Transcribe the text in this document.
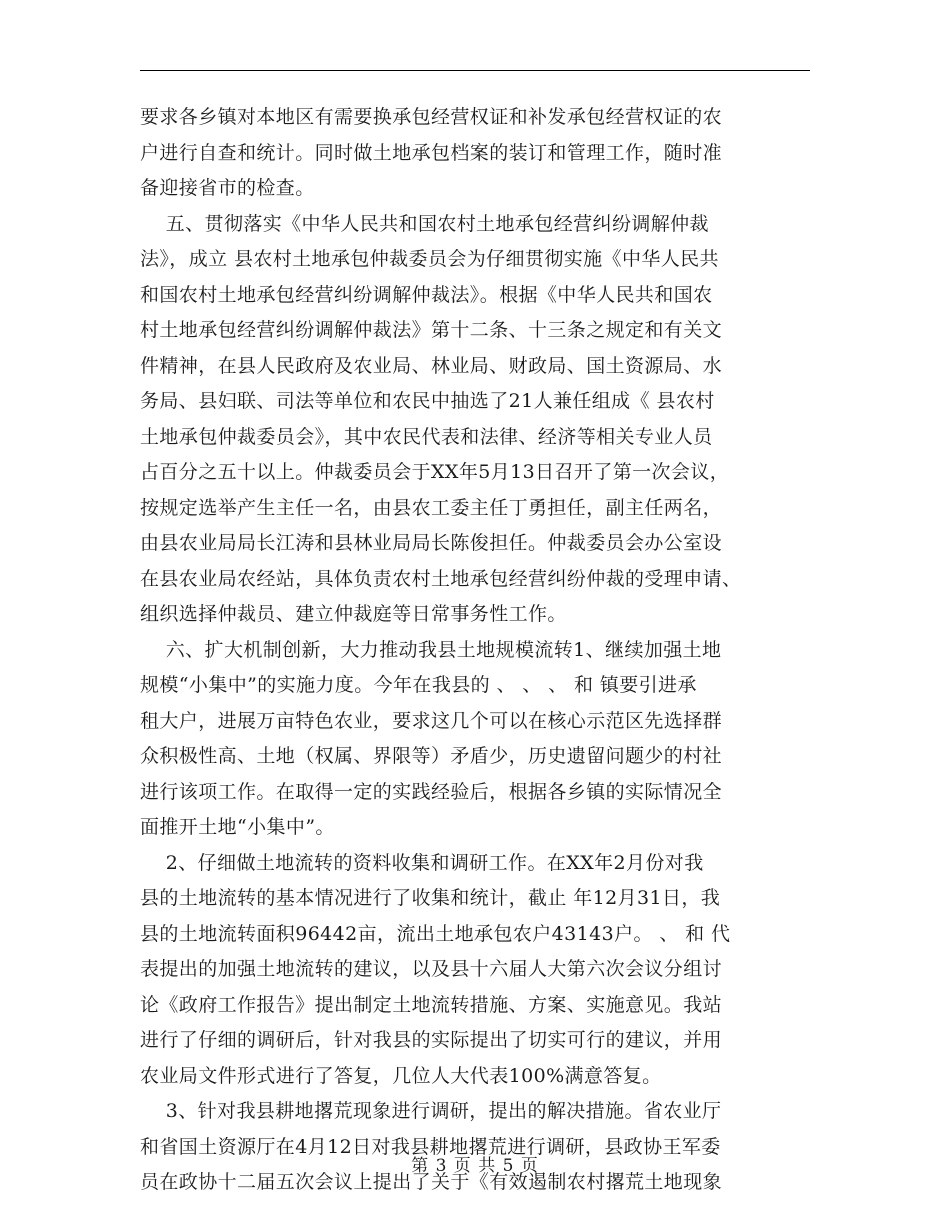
要求各乡镇对本地区有需要换承包经营权证和补发承包经营权证的农
户进行自查和统计。同时做土地承包档案的装订和管理工作，随时准
备迎接省市的检查。
五、贯彻落实《中华人民共和国农村土地承包经营纠纷调解仲裁
法》，成立 县农村土地承包仲裁委员会为仔细贯彻实施《中华人民共
和国农村土地承包经营纠纷调解仲裁法》。根据《中华人民共和国农
村土地承包经营纠纷调解仲裁法》第十二条、十三条之规定和有关文
件精神，在县人民政府及农业局、林业局、财政局、国土资源局、水
务局、县妇联、司法等单位和农民中抽选了21人兼任组成《 县农村
土地承包仲裁委员会》，其中农民代表和法律、经济等相关专业人员
占百分之五十以上。仲裁委员会于XX年5月13日召开了第一次会议，
按规定选举产生主任一名，由县农工委主任丁勇担任，副主任两名，
由县农业局局长江涛和县林业局局长陈俊担任。仲裁委员会办公室设
在县农业局农经站，具体负责农村土地承包经营纠纷仲裁的受理申请、
组织选择仲裁员、建立仲裁庭等日常事务性工作。
六、扩大机制创新，大力推动我县土地规模流转1、继续加强土地
规模“小集中”的实施力度。今年在我县的 、 、 、 和 镇要引进承
租大户，进展万亩特色农业，要求这几个可以在核心示范区先选择群
众积极性高、土地（权属、界限等）矛盾少，历史遗留问题少的村社
进行该项工作。在取得一定的实践经验后，根据各乡镇的实际情况全
面推开土地“小集中”。
2、仔细做土地流转的资料收集和调研工作。在XX年2月份对我
县的土地流转的基本情况进行了收集和统计，截止 年12月31日，我
县的土地流转面积96442亩，流出土地承包农户43143户。 、 和 代
表提出的加强土地流转的建议，以及县十六届人大第六次会议分组讨
论《政府工作报告》提出制定土地流转措施、方案、实施意见。我站
进行了仔细的调研后，针对我县的实际提出了切实可行的建议，并用
农业局文件形式进行了答复，几位人大代表100%满意答复。
3、针对我县耕地撂荒现象进行调研，提出的解决措施。省农业厅
和省国土资源厅在4月12日对我县耕地撂荒进行调研，县政协王军委
员在政协十二届五次会议上提出了关于《有效遏制农村撂荒土地现象
第 3 页 共 5 页
